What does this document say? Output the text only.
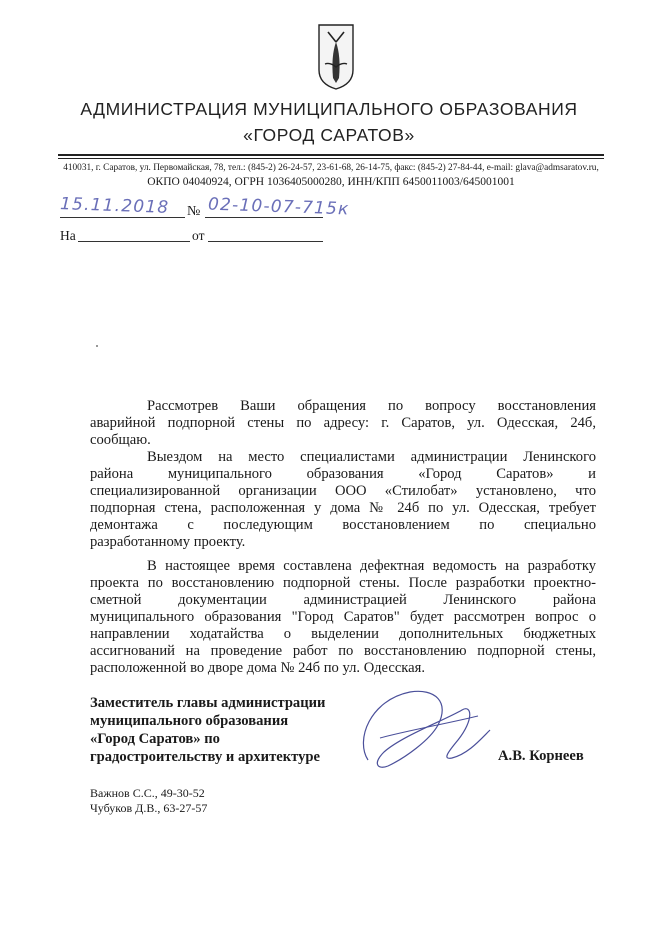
АДМИНИСТРАЦИЯ МУНИЦИПАЛЬНОГО ОБРАЗОВАНИЯ
«ГОРОД САРАТОВ»
410031, г. Саратов, ул. Первомайская, 78, тел.: (845-2) 26-24-57, 23-61-68, 26-14-75, факс: (845-2) 27-84-44, e-mail: glava@admsaratov.ru,
ОКПО 04040924, ОГРН 1036405000280, ИНН/КПП 6450011003/645001001
15.11.2018 № 02-10-07-715к
На	от
Рассмотрев Ваши обращения по вопросу восстановления
аварийной подпорной стены по адресу: г. Саратов, ул. Одесская, 24б,
сообщаю.
Выездом на место специалистами администрации Ленинского
района муниципального образования «Город Саратов» и
специализированной организации ООО «Стилобат» установлено, что
подпорная стена, расположенная у дома № 24б по ул. Одесская, требует
демонтажа с последующим восстановлением по специально
разработанному проекту.
В настоящее время составлена дефектная ведомость на разработку
проекта по восстановлению подпорной стены. После разработки проектно-
сметной документации администрацией Ленинского района
муниципального образования "Город Саратов" будет рассмотрен вопрос о
направлении ходатайства о выделении дополнительных бюджетных
ассигнований на проведение работ по восстановлению подпорной стены,
расположенной во дворе дома № 24б по ул. Одесская.
Заместитель главы администрации
муниципального образования
«Город Саратов» по
градостроительству и архитектуре	А.В. Корнеев
Важнов С.С., 49-30-52
Чубуков Д.В., 63-27-57
